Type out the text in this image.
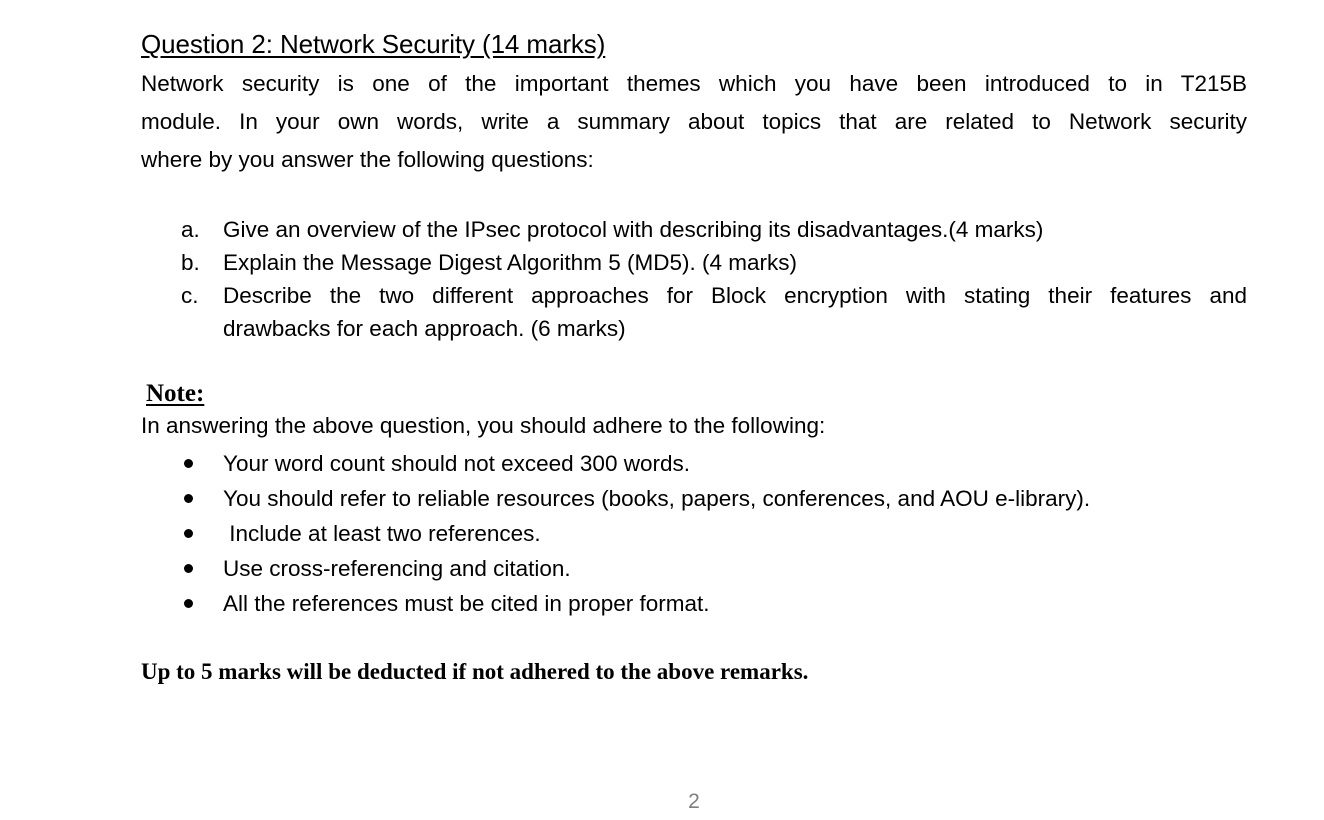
Question 2: Network Security (14 marks)
Network security is one of the important themes which you have been introduced to in T215B
module. In your own words, write a summary about topics that are related to Network security
where by you answer the following questions:
a.	Give an overview of the IPsec protocol with describing its disadvantages.(4 marks)
b.	Explain the Message Digest Algorithm 5 (MD5). (4 marks)
c.	Describe the two different approaches for Block encryption with stating their features and
drawbacks for each approach. (6 marks)
Note:
In answering the above question, you should adhere to the following:
Your word count should not exceed 300 words.
You should refer to reliable resources (books, papers, conferences, and AOU e-library).
Include at least two references.
Use cross-referencing and citation.
All the references must be cited in proper format.
Up to 5 marks will be deducted if not adhered to the above remarks.
2
